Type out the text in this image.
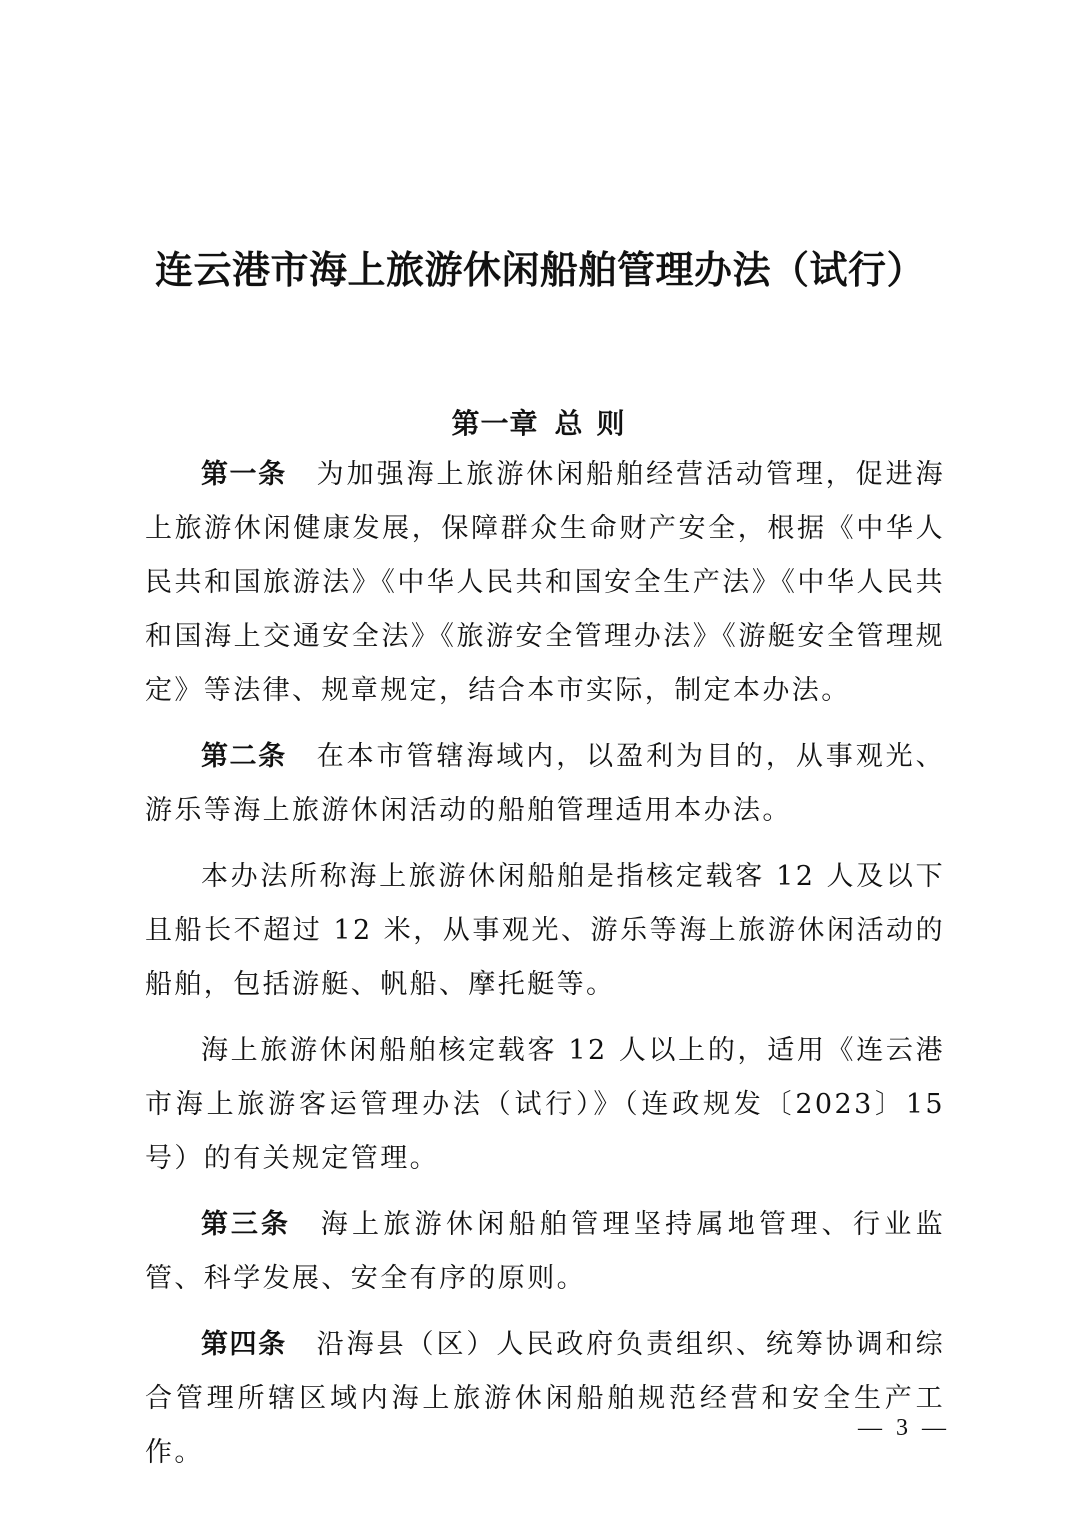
连云港市海上旅游休闲船舶管理办法（试行）
第一章 总则

第一条 为加强海上旅游休闲船舶经营活动管理，促进海上旅游休闲健康发展，保障群众生命财产安全，根据《中华人民共和国旅游法》《中华人民共和国安全生产法》《中华人民共和国海上交通安全法》《旅游安全管理办法》《游艇安全管理规定》等法律、规章规定，结合本市实际，制定本办法。

第二条 在本市管辖海域内，以盈利为目的，从事观光、游乐等海上旅游休闲活动的船舶管理适用本办法。

本办法所称海上旅游休闲船舶是指核定载客 12 人及以下且船长不超过 12 米，从事观光、游乐等海上旅游休闲活动的船舶，包括游艇、帆船、摩托艇等。

海上旅游休闲船舶核定载客 12 人以上的，适用《连云港市海上旅游客运管理办法（试行）》（连政规发〔2023〕15 号）的有关规定管理。

第三条 海上旅游休闲船舶管理坚持属地管理、行业监管、科学发展、安全有序的原则。

第四条 沿海县（区）人民政府负责组织、统筹协调和综合管理所辖区域内海上旅游休闲船舶规范经营和安全生产工作。

— 3 —
